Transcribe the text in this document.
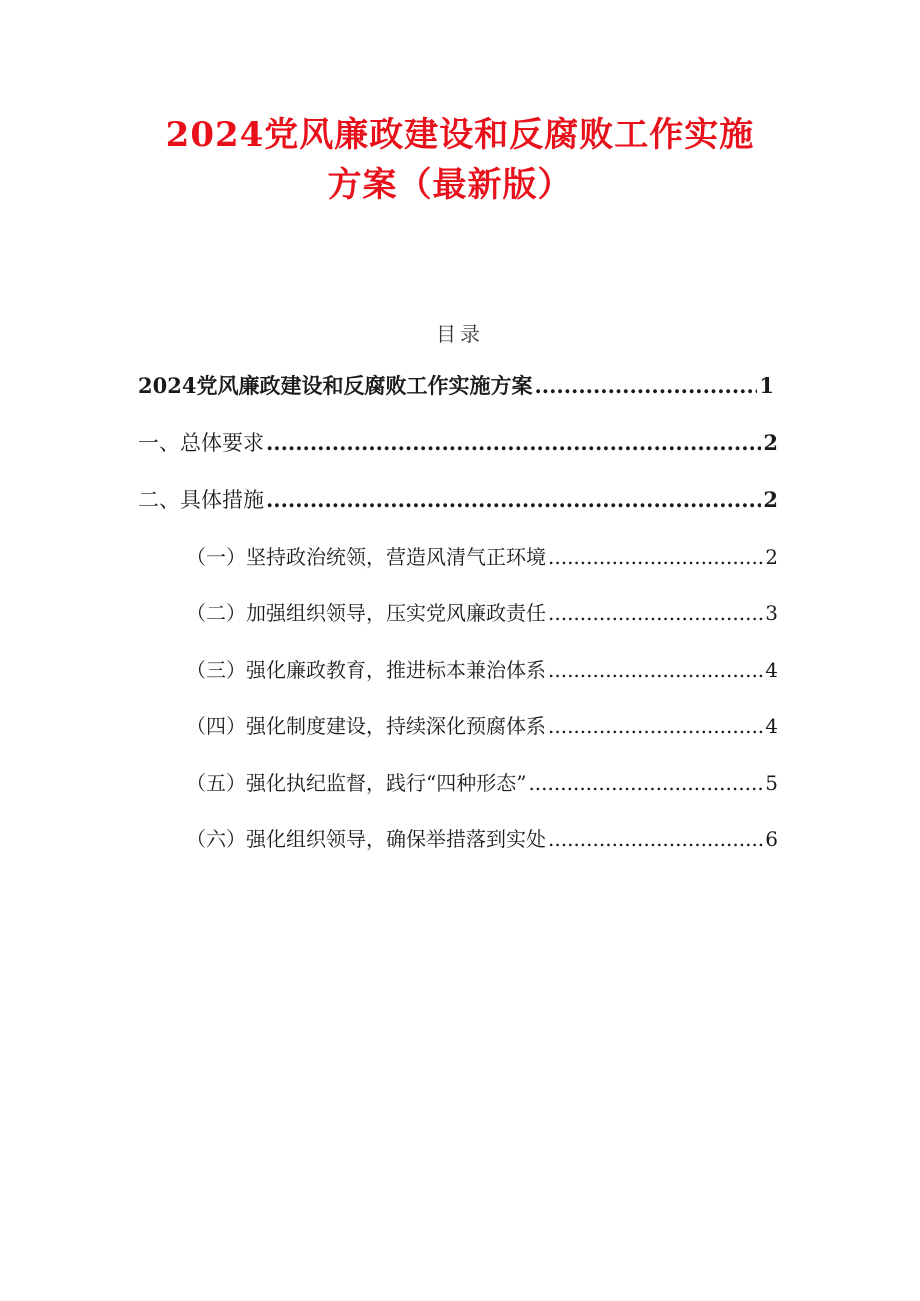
2024党风廉政建设和反腐败工作实施
方案（最新版）
目录
2024党风廉政建设和反腐败工作实施方案 .....	1
一、总体要求 .....	2
二、具体措施 .....	2
（一）坚持政治统领，营造风清气正环境 .....	2
（二）加强组织领导，压实党风廉政责任 .....	3
（三）强化廉政教育，推进标本兼治体系 .....	4
（四）强化制度建设，持续深化预腐体系 .....	4
（五）强化执纪监督，践行“四种形态” .....	5
（六）强化组织领导，确保举措落到实处 .....	6
